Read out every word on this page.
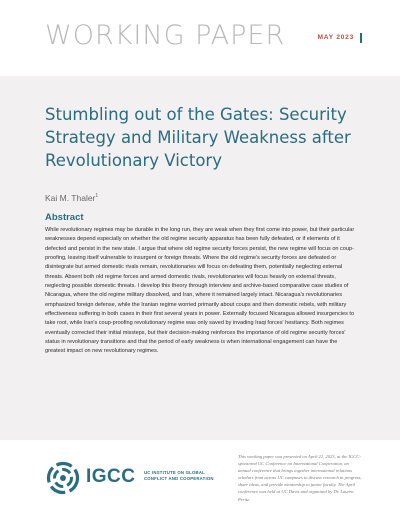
WORKING PAPER	MAY 2023
Stumbling out of the Gates: Security Strategy and Military Weakness after Revolutionary Victory
Kai M. Thaler$^1$
Abstract

While revolutionary regimes may be durable in the long run, they are weak when they first come into power, but their particular weaknesses depend especially on whether the old regime security apparatus has been fully defeated, or if elements of it defected and persist in the new state. I argue that where old regime security forces persist, the new regime will focus on coup-proofing, leaving itself vulnerable to insurgent or foreign threats. Where the old regime's security forces are defeated or disintegrate but armed domestic rivals remain, revolutionaries will focus on defeating them, potentially neglecting external threats. Absent both old regime forces and armed domestic rivals, revolutionaries will focus heavily on external threats, neglecting possible domestic threats. I develop this theory through interview and archive-based comparative case studies of Nicaragua, where the old regime military dissolved, and Iran, where it remained largely intact. Nicaragua's revolutionaries emphasized foreign defense, while the Iranian regime worried primarily about coups and then domestic rebels, with military effectiveness suffering in both cases in their first several years in power. Externally focused Nicaragua allowed insurgencies to take root, while Iran's coup-proofing revolutionary regime was only saved by invading Iraqi forces' hesitancy. Both regimes eventually corrected their initial missteps, but their decision-making reinforces the importance of old regime security forces' status in revolutionary transitions and that the period of early weakness is when international engagement can have the greatest impact on new revolutionary regimes.

IGCC UC INSTITUTE ON GLOBAL
CONFLICT AND COOPERATION

This working paper was presented on April 21, 2023, at the IGCC-sponsored UC Conference on International Cooperation, an annual conference that brings together international relations scholars from across UC campuses to discuss research in progress, share ideas, and provide mentorship to junior faculty. The April conference was held at UC Davis and organized by Dr. Lauren Peritz.
